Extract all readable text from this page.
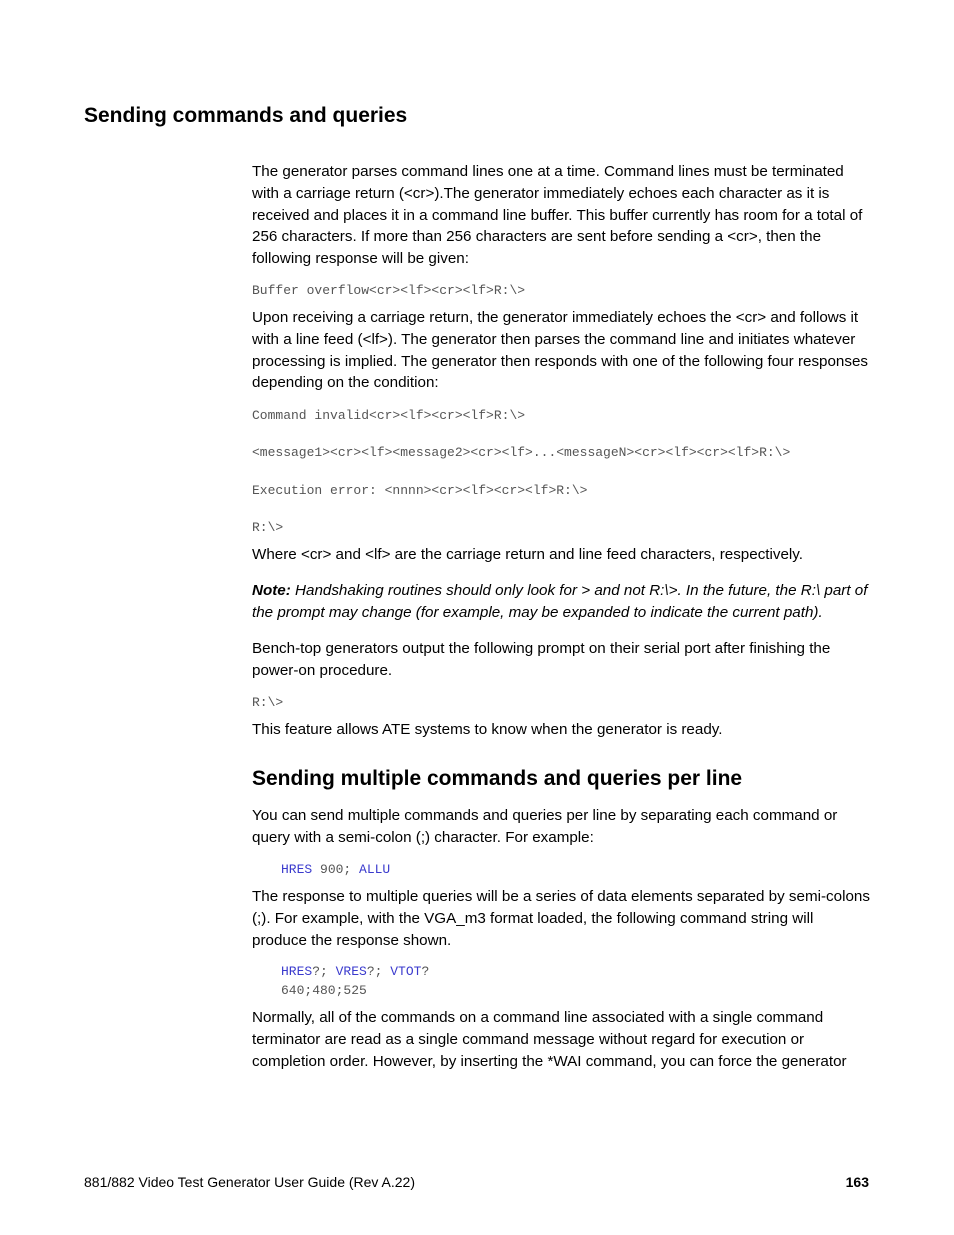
Sending commands and queries

The generator parses command lines one at a time. Command lines must be terminated with a carriage return (<cr>).The generator immediately echoes each character as it is received and places it in a command line buffer. This buffer currently has room for a total of 256 characters. If more than 256 characters are sent before sending a <cr>, then the following response will be given:

Buffer overflow<cr><lf><cr><lf>R:\>

Upon receiving a carriage return, the generator immediately echoes the <cr> and follows it with a line feed (<lf>). The generator then parses the command line and initiates whatever processing is implied. The generator then responds with one of the following four responses depending on the condition:

Command invalid<cr><lf><cr><lf>R:\>
<message1><cr><lf><message2><cr><lf>...<messageN><cr><lf><cr><lf>R:\>
Execution error: <nnnn><cr><lf><cr><lf>R:\>
R:\>

Where <cr> and <lf> are the carriage return and line feed characters, respectively.

Note: Handshaking routines should only look for > and not R:\>. In the future, the R:\ part of the prompt may change (for example, may be expanded to indicate the current path).

Bench-top generators output the following prompt on their serial port after finishing the power-on procedure.

R:\>

This feature allows ATE systems to know when the generator is ready.

Sending multiple commands and queries per line

You can send multiple commands and queries per line by separating each command or query with a semi-colon (;) character. For example:

HRES 900; ALLU

The response to multiple queries will be a series of data elements separated by semi-colons (;). For example, with the VGA_m3 format loaded, the following command string will produce the response shown.

HRES?; VRES?; VTOT?
640;480;525

Normally, all of the commands on a command line associated with a single command terminator are read as a single command message without regard for execution or completion order. However, by inserting the *WAI command, you can force the generator

881/882 Video Test Generator User Guide (Rev A.22)	163
